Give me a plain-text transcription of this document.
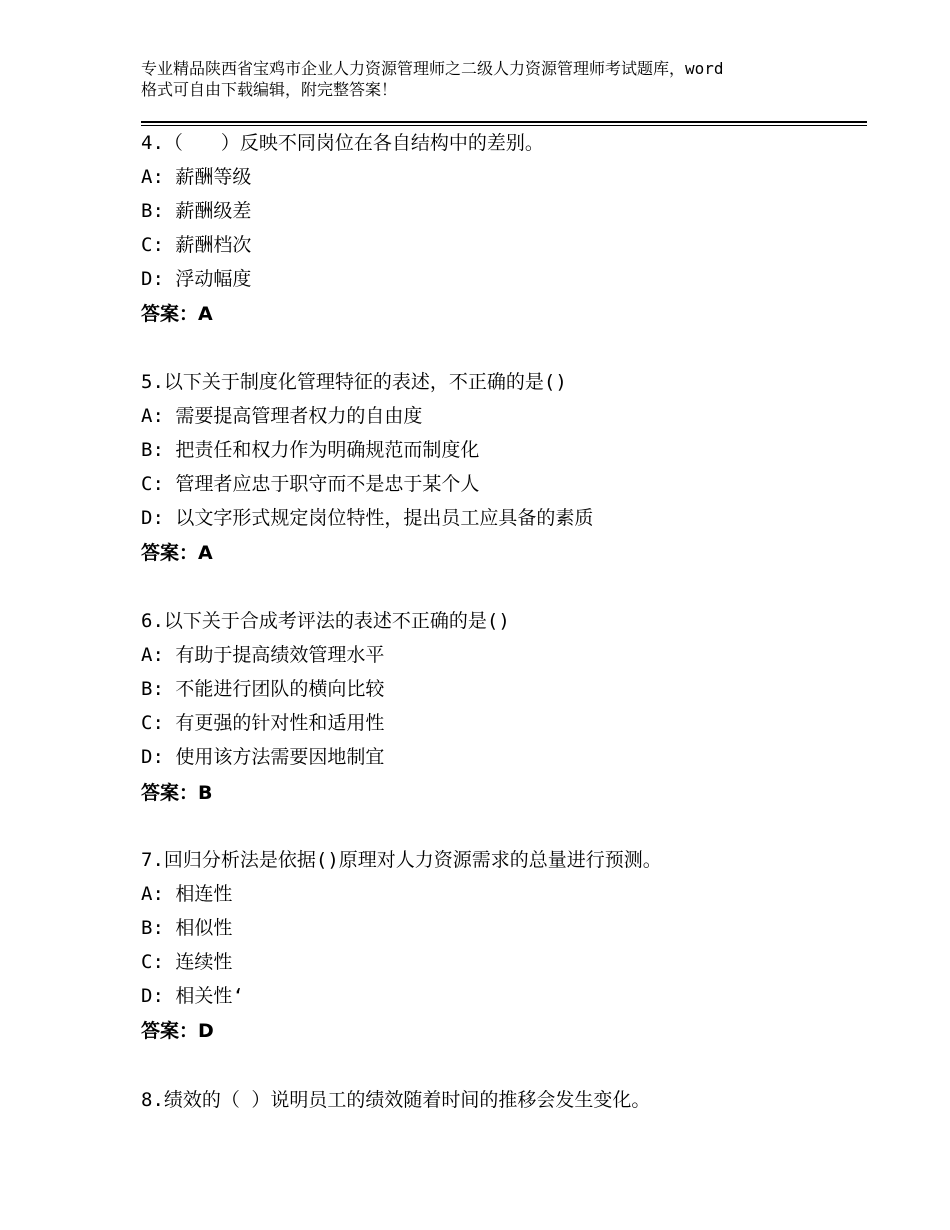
专业精品陕西省宝鸡市企业人力资源管理师之二级人力资源管理师考试题库，word
格式可自由下载编辑，附完整答案！
4.（　　）反映不同岗位在各自结构中的差别。
A: 薪酬等级
B: 薪酬级差
C: 薪酬档次
D: 浮动幅度
答案：A
5.以下关于制度化管理特征的表述，不正确的是()
A: 需要提高管理者权力的自由度
B: 把责任和权力作为明确规范而制度化
C: 管理者应忠于职守而不是忠于某个人
D: 以文字形式规定岗位特性，提出员工应具备的素质
答案：A
6.以下关于合成考评法的表述不正确的是()
A: 有助于提高绩效管理水平
B: 不能进行团队的横向比较
C: 有更强的针对性和适用性
D: 使用该方法需要因地制宜
答案：B
7.回归分析法是依据()原理对人力资源需求的总量进行预测。
A: 相连性
B: 相似性
C: 连续性
D: 相关性‘
答案：D
8.绩效的（ ）说明员工的绩效随着时间的推移会发生变化。
